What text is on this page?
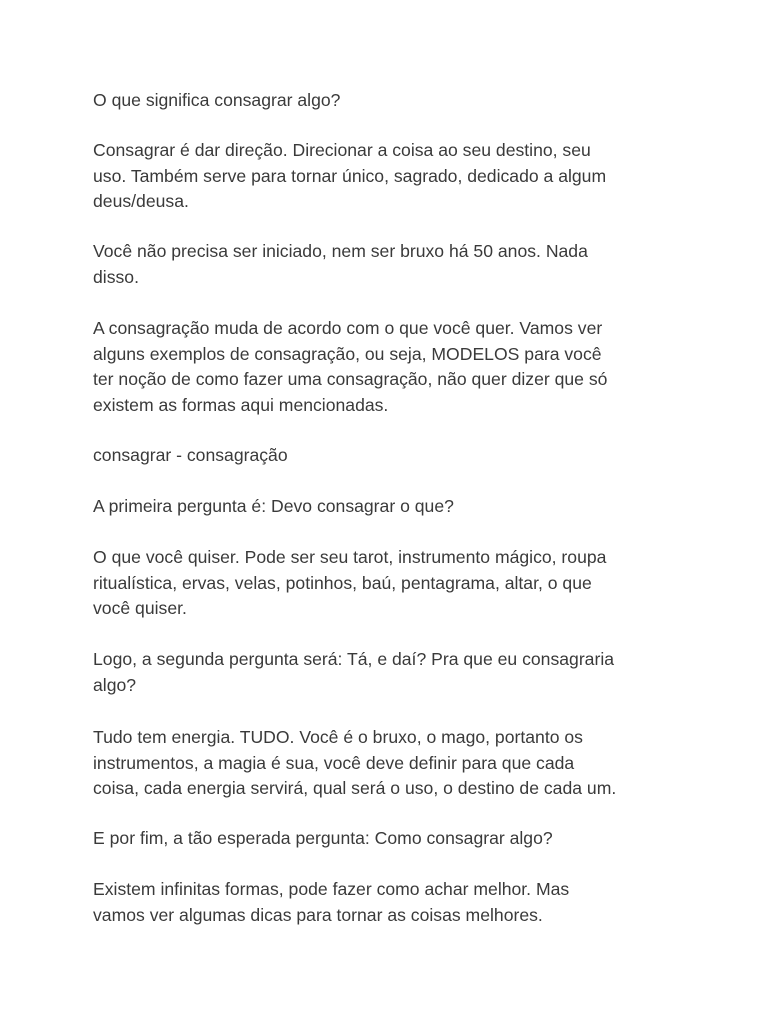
O que significa consagrar algo?

Consagrar é dar direção. Direcionar a coisa ao seu destino, seu
uso. Também serve para tornar único, sagrado, dedicado a algum
deus/deusa.

Você não precisa ser iniciado, nem ser bruxo há 50 anos. Nada
disso.

A consagração muda de acordo com o que você quer. Vamos ver
alguns exemplos de consagração, ou seja, MODELOS para você
ter noção de como fazer uma consagração, não quer dizer que só
existem as formas aqui mencionadas.

consagrar - consagração

A primeira pergunta é: Devo consagrar o que?

O que você quiser. Pode ser seu tarot, instrumento mágico, roupa
ritualística, ervas, velas, potinhos, baú, pentagrama, altar, o que
você quiser.

Logo, a segunda pergunta será: Tá, e daí? Pra que eu consagraria
algo?

Tudo tem energia. TUDO. Você é o bruxo, o mago, portanto os
instrumentos, a magia é sua, você deve definir para que cada
coisa, cada energia servirá, qual será o uso, o destino de cada um.

E por fim, a tão esperada pergunta: Como consagrar algo?

Existem infinitas formas, pode fazer como achar melhor. Mas
vamos ver algumas dicas para tornar as coisas melhores.
